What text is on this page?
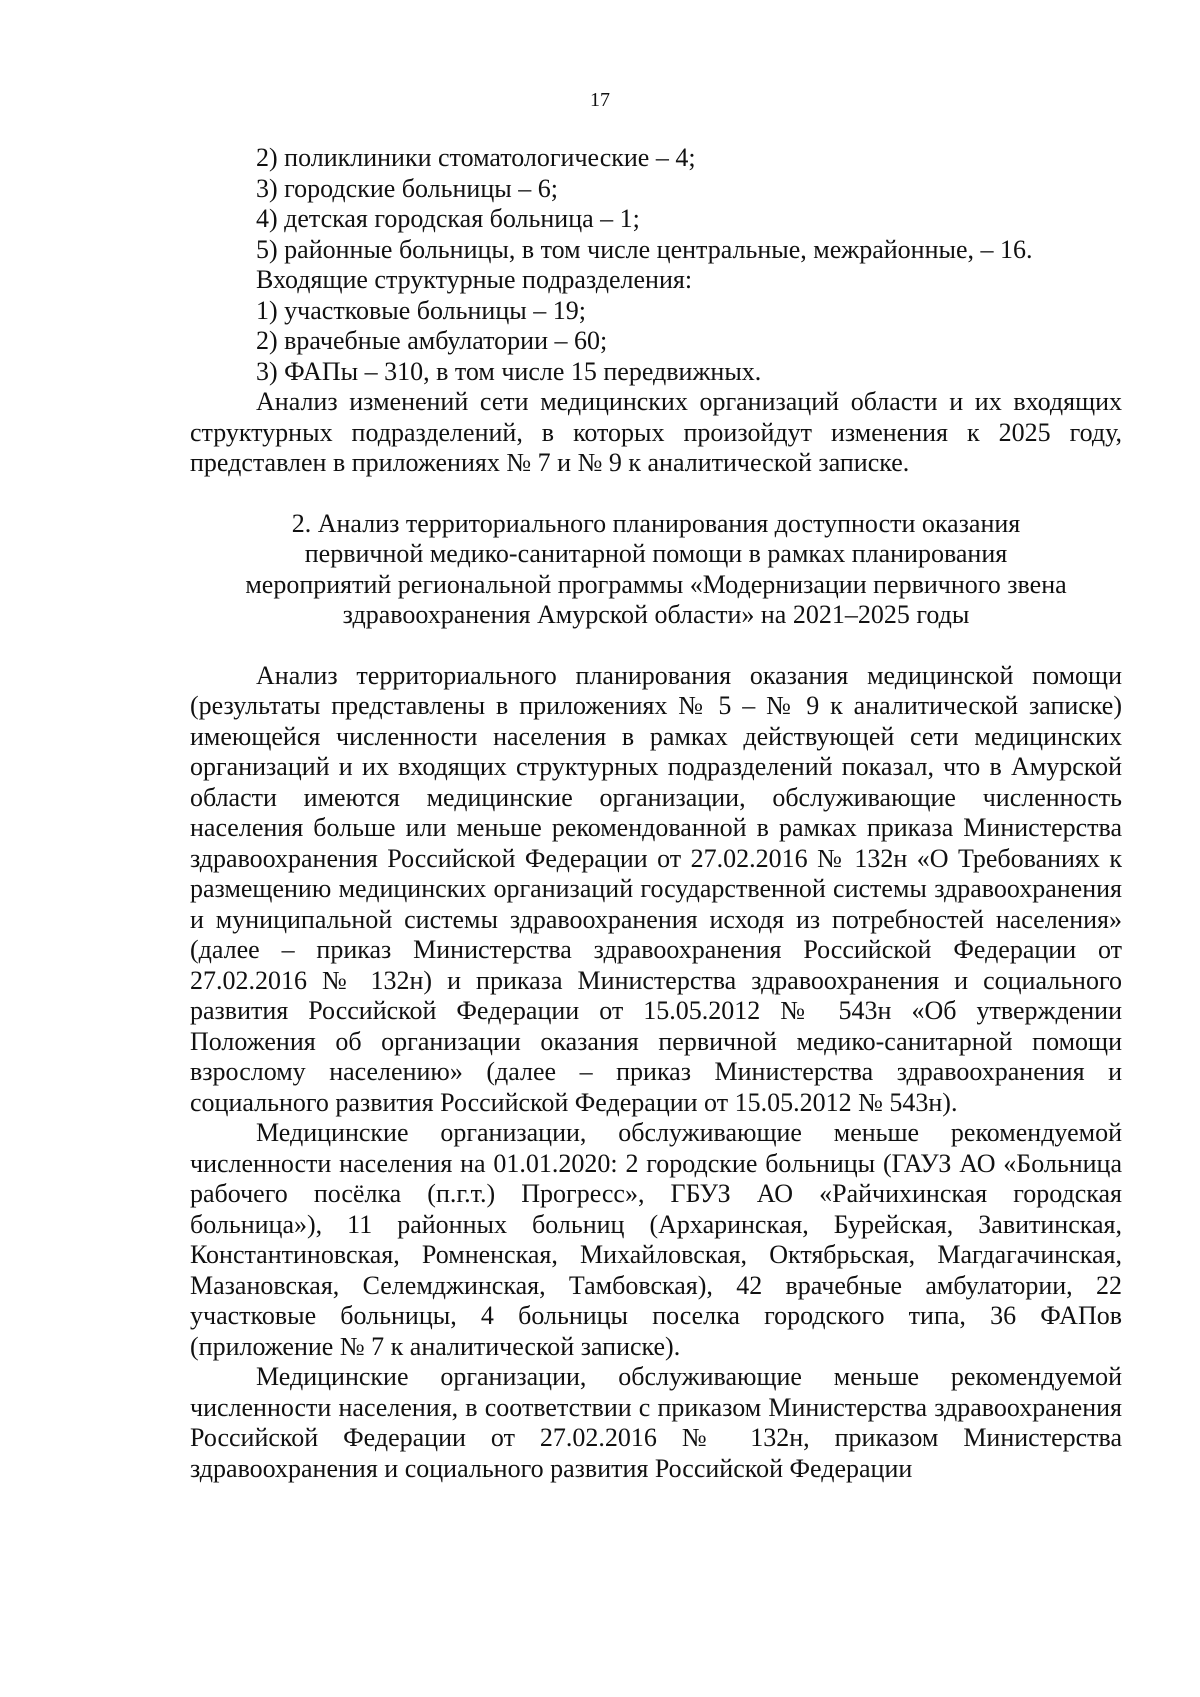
17

2) поликлиники стоматологические – 4;

3) городские больницы – 6;

4) детская городская больница – 1;

5) районные больницы, в том числе центральные, межрайонные, – 16.

Входящие структурные подразделения:

1) участковые больницы – 19;

2) врачебные амбулатории – 60;

3) ФАПы – 310, в том числе 15 передвижных.

Анализ изменений сети медицинских организаций области и их входящих структурных подразделений, в которых произойдут изменения к 2025 году, представлен в приложениях № 7 и № 9 к аналитической записке.

2. Анализ территориального планирования доступности оказания первичной медико-санитарной помощи в рамках планирования мероприятий региональной программы «Модернизации первичного звена здравоохранения Амурской области» на 2021–2025 годы

Анализ территориального планирования оказания медицинской помощи (результаты представлены в приложениях № 5 – № 9 к аналитической записке) имеющейся численности населения в рамках действующей сети медицинских организаций и их входящих структурных подразделений показал, что в Амурской области имеются медицинские организации, обслуживающие численность населения больше или меньше рекомендованной в рамках приказа Министерства здравоохранения Российской Федерации от 27.02.2016 № 132н «О Требованиях к размещению медицинских организаций государственной системы здравоохранения и муниципальной системы здравоохранения исходя из потребностей населения» (далее – приказ Министерства здравоохранения Российской Федерации от 27.02.2016 № 132н) и приказа Министерства здравоохранения и социального развития Российской Федерации от 15.05.2012 № 543н «Об утверждении Положения об организации оказания первичной медико-санитарной помощи взрослому населению» (далее – приказ Министерства здравоохранения и социального развития Российской Федерации от 15.05.2012 № 543н).

Медицинские организации, обслуживающие меньше рекомендуемой численности населения на 01.01.2020: 2 городские больницы (ГАУЗ АО «Больница рабочего посёлка (п.г.т.) Прогресс», ГБУЗ АО «Райчихинская городская больница»), 11 районных больниц (Архаринская, Бурейская, Завитинская, Константиновская, Ромненская, Михайловская, Октябрьская, Магдагачинская, Мазановская, Селемджинская, Тамбовская), 42 врачебные амбулатории, 22 участковые больницы, 4 больницы поселка городского типа, 36 ФАПов (приложение № 7 к аналитической записке).

Медицинские организации, обслуживающие меньше рекомендуемой численности населения, в соответствии с приказом Министерства здравоохранения Российской Федерации от 27.02.2016 № 132н, приказом Министерства здравоохранения и социального развития Российской Федерации
